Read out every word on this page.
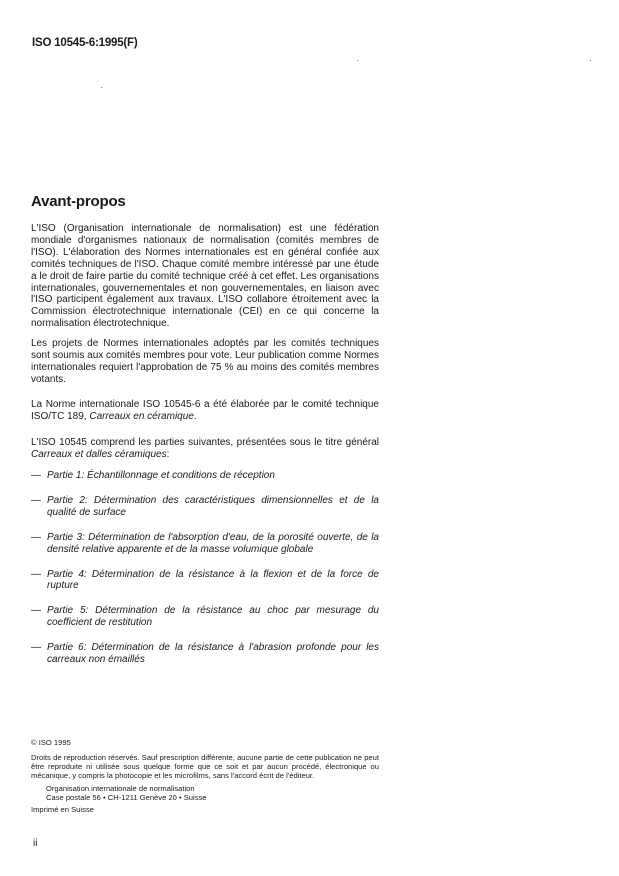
ISO 10545-6:1995(F)
Avant-propos
L'ISO (Organisation internationale de normalisation) est une fédération mondiale d'organismes nationaux de normalisation (comités membres de l'ISO). L'élaboration des Normes internationales est en général confiée aux comités techniques de l'ISO. Chaque comité membre intéressé par une étude a le droit de faire partie du comité technique créé à cet effet. Les organisations internationales, gouvernementales et non gouvernementales, en liaison avec l'ISO participent également aux travaux. L'ISO collabore étroitement avec la Commission électrotechnique internationale (CEI) en ce qui concerne la normalisation électrotechnique.
Les projets de Normes internationales adoptés par les comités techniques sont soumis aux comités membres pour vote. Leur publication comme Normes internationales requiert l'approbation de 75 % au moins des comités membres votants.
La Norme internationale ISO 10545-6 a été élaborée par le comité technique ISO/TC 189, Carreaux en céramique.
L'ISO 10545 comprend les parties suivantes, présentées sous le titre général Carreaux et dalles céramiques:
— Partie 1: Échantillonnage et conditions de réception
— Partie 2: Détermination des caractéristiques dimensionnelles et de la qualité de surface
— Partie 3: Détermination de l'absorption d'eau, de la porosité ouverte, de la densité relative apparente et de la masse volumique globale
— Partie 4: Détermination de la résistance à la flexion et de la force de rupture
— Partie 5: Détermination de la résistance au choc par mesurage du coefficient de restitution
— Partie 6: Détermination de la résistance à l'abrasion profonde pour les carreaux non émaillés
© ISO 1995
Droits de reproduction réservés. Sauf prescription différente, aucune partie de cette publication ne peut être reproduite ni utilisée sous quelque forme que ce soit et par aucun procédé, électronique ou mécanique, y compris la photocopie et les microfilms, sans l'accord écrit de l'éditeur.
Organisation internationale de normalisation
Case postale 56 • CH-1211 Genève 20 • Suisse
Imprimé en Suisse
ii
